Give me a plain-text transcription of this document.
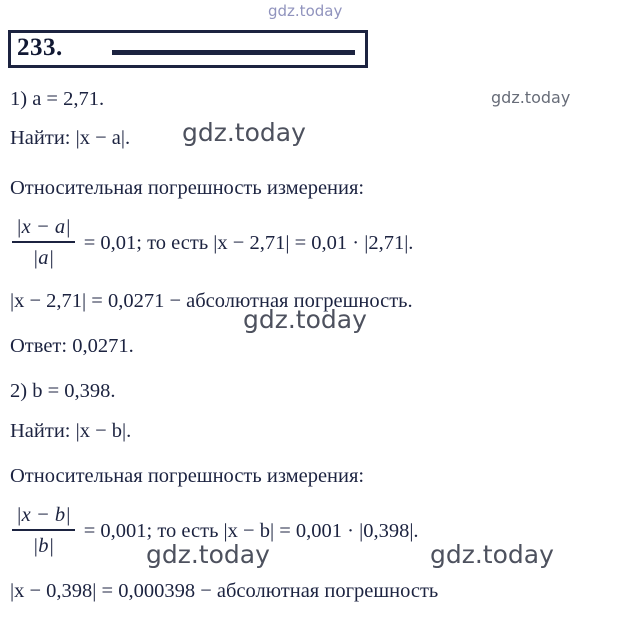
gdz.today
gdz.today
gdz.today
gdz.today
gdz.today	gdz.today
233.
1) a = 2,71.
Найти: |x − a|.
Относительная погрешность измерения:
$\frac{|x - a|}{|a|} = 0,01$; то есть |x − 2,71| = 0,01 · |2,71|.
|x − 2,71| = 0,0271 − абсолютная погрешность.
Ответ: 0,0271.
2) b = 0,398.
Найти: |x − b|.
Относительная погрешность измерения:
$\frac{|x - b|}{|b|} = 0,001$; то есть |x − b| = 0,001 · |0,398|.
|x − 0,398| = 0,000398 − абсолютная погрешность
